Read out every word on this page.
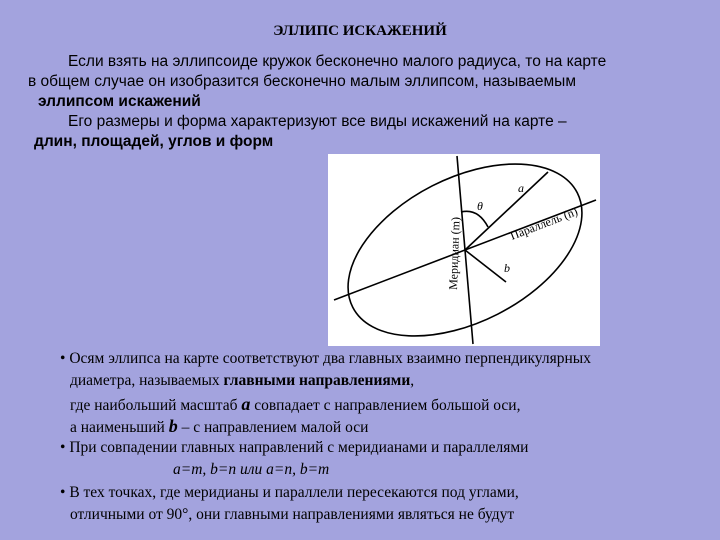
ЭЛЛИПС ИСКАЖЕНИЙ
Если взять на эллипсоиде кружок бесконечно малого радиуса, то на карте
в общем случае он изобразится бесконечно малым эллипсом, называемым
эллипсом искажений
Его размеры и форма характеризуют все виды искажений на карте –
длин, площадей, углов и форм
Меридиан (m)	Параллель (n)
a
b
θ
• Осям эллипса на карте соответствуют два главных взаимно перпендикулярных
диаметра, называемых главными направлениями,
где наибольший масштаб a совпадает с направлением большой оси,
а наименьший b – с направлением малой оси
• При совпадении главных направлений с меридианами и параллелями
a=m, b=n или a=n, b=m
• В тех точках, где меридианы и параллели пересекаются под углами,
отличными от 90°, они главными направлениями являться не будут
